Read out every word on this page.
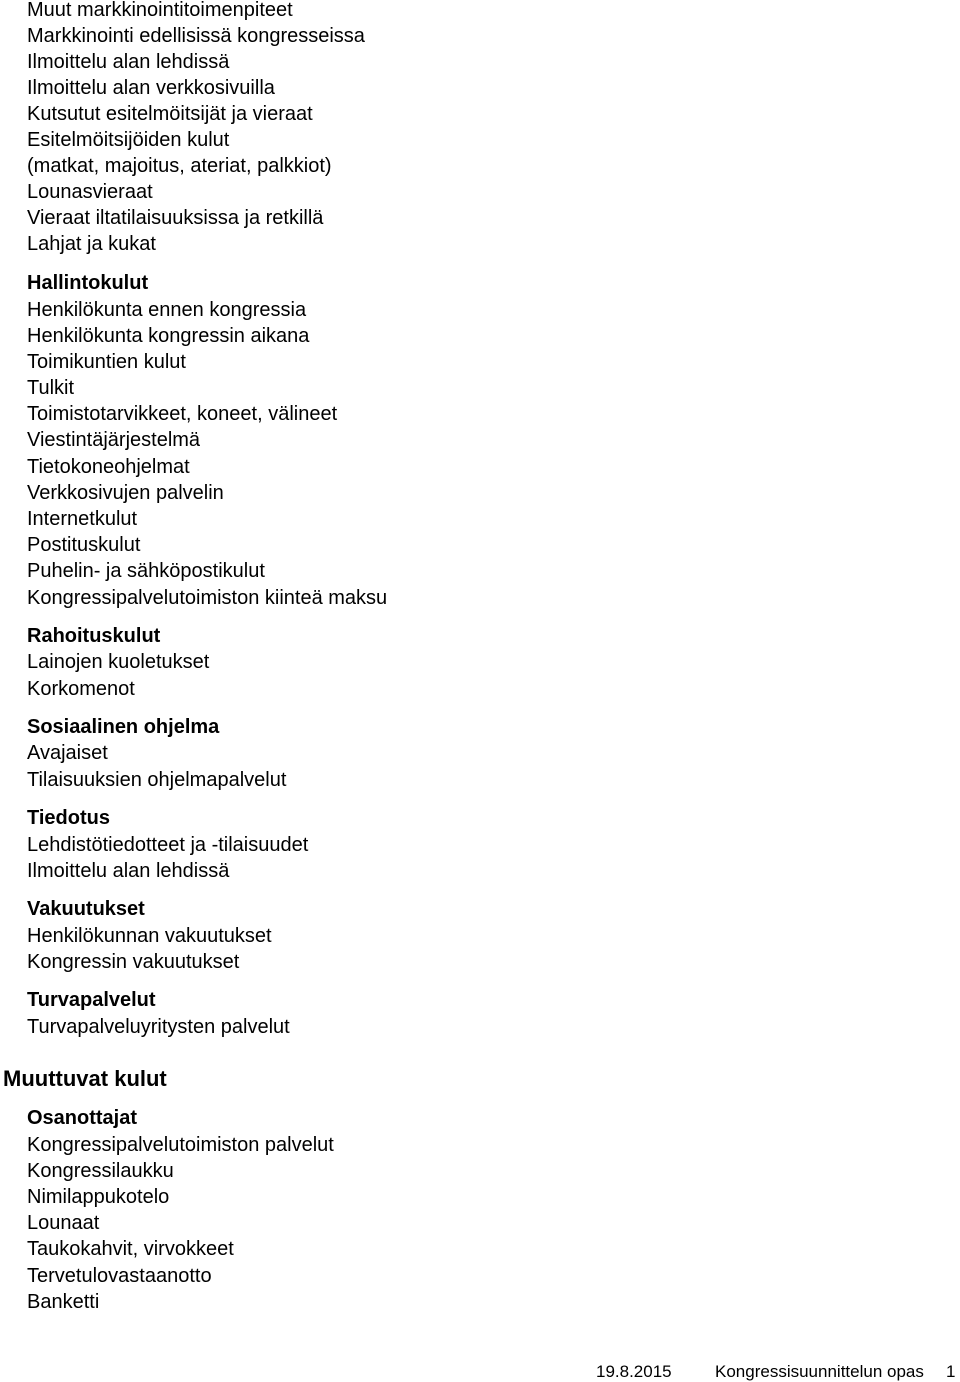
Muut markkinointitoimenpiteet
Markkinointi edellisissä kongresseissa
Ilmoittelu alan lehdissä
Ilmoittelu alan verkkosivuilla
Kutsutut esitelmöitsijät ja vieraat
Esitelmöitsijöiden kulut
(matkat, majoitus, ateriat, palkkiot)
Lounasvieraat
Vieraat iltatilaisuuksissa ja retkillä
Lahjat ja kukat
Hallintokulut
Henkilökunta ennen kongressia
Henkilökunta kongressin aikana
Toimikuntien kulut
Tulkit
Toimistotarvikkeet, koneet, välineet
Viestintäjärjestelmä
Tietokoneohjelmat
Verkkosivujen palvelin
Internetkulut
Postituskulut
Puhelin- ja sähköpostikulut
Kongressipalvelutoimiston kiinteä maksu
Rahoituskulut
Lainojen kuoletukset
Korkomenot
Sosiaalinen ohjelma
Avajaiset
Tilaisuuksien ohjelmapalvelut
Tiedotus
Lehdistötiedotteet ja -tilaisuudet
Ilmoittelu alan lehdissä
Vakuutukset
Henkilökunnan vakuutukset
Kongressin vakuutukset
Turvapalvelut
Turvapalveluyritysten palvelut
Muuttuvat kulut
Osanottajat
Kongressipalvelutoimiston palvelut
Kongressilaukku
Nimilappukotelo
Lounaat
Taukokahvit, virvokkeet
Tervetulovastaanotto
Banketti
19.8.2015	Kongressisuunnittelun opas 1
